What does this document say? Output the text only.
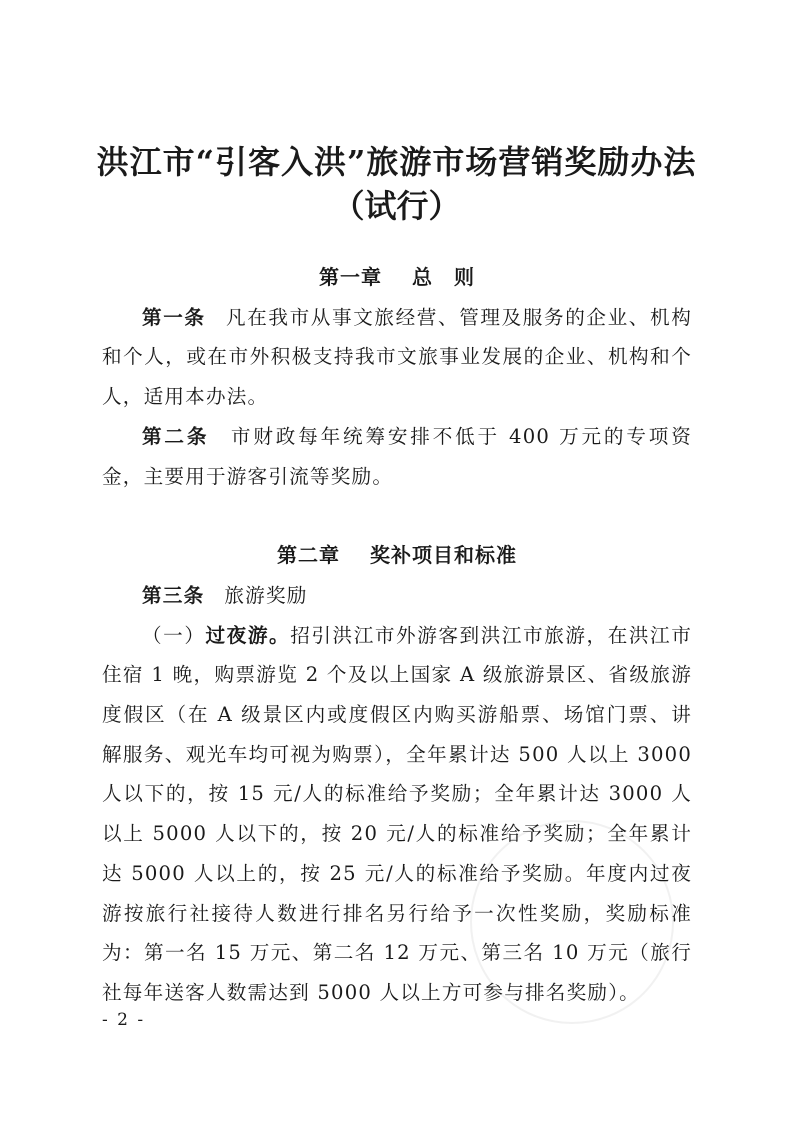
洪江市“引客入洪”旅游市场营销奖励办法

（试行）

第一章 总　则

第一条 凡在我市从事文旅经营、管理及服务的企业、机构和个人，或在市外积极支持我市文旅事业发展的企业、机构和个人，适用本办法。

第二条 市财政每年统筹安排不低于 400 万元的专项资金，主要用于游客引流等奖励。

第二章 奖补项目和标准

第三条 旅游奖励

（一）过夜游。招引洪江市外游客到洪江市旅游，在洪江市住宿 1 晚，购票游览 2 个及以上国家 A 级旅游景区、省级旅游度假区（在 A 级景区内或度假区内购买游船票、场馆门票、讲解服务、观光车均可视为购票），全年累计达 500 人以上 3000 人以下的，按 15 元/人的标准给予奖励；全年累计达 3000 人以上 5000 人以下的，按 20 元/人的标准给予奖励；全年累计达 5000 人以上的，按 25 元/人的标准给予奖励。年度内过夜游按旅行社接待人数进行排名另行给予一次性奖励，奖励标准为：第一名 15 万元、第二名 12 万元、第三名 10 万元（旅行社每年送客人数需达到 5000 人以上方可参与排名奖励）。

- 2 -
